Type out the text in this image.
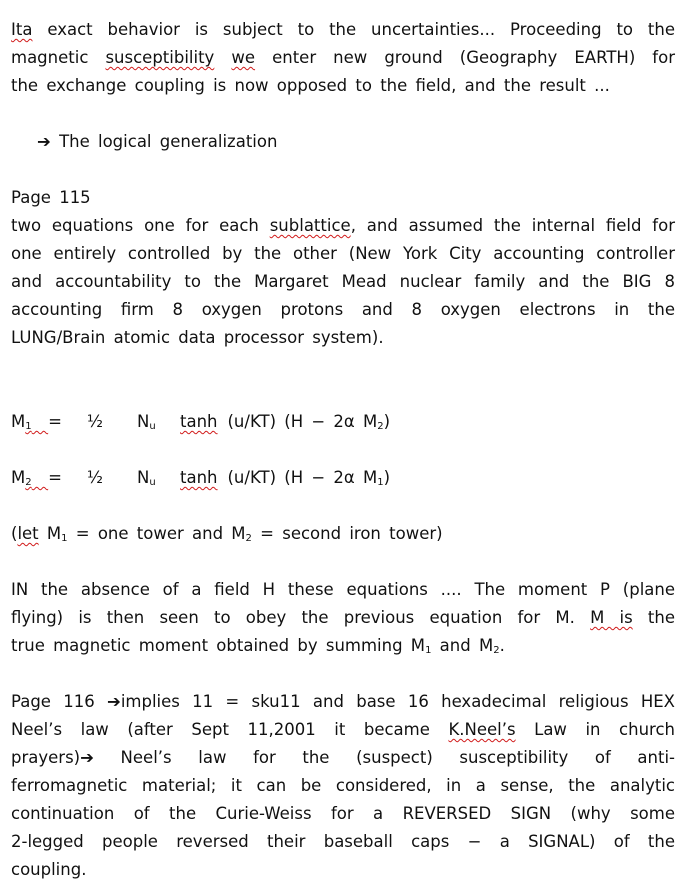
Ita exact behavior is subject to the uncertainties... Proceeding to the
magnetic susceptibility we enter new ground (Geography EARTH) for
the exchange coupling is now opposed to the field, and the result ...
➔ The logical generalization
Page 115
two equations one for each sublattice, and assumed the internal field for
one entirely controlled by the other (New York City accounting controller
and accountability to the Margaret Mead nuclear family and the BIG 8
accounting firm 8 oxygen protons and 8 oxygen electrons in the
LUNG/Brain atomic data processor system).
$M_1$ = ½ $N_u$ tanh (u/KT) (H − 2α $M_2$)
$M_2$ = ½ $N_u$ tanh (u/KT) (H − 2α $M_1$)
(let $M_1$ = one tower and $M_2$ = second iron tower)
IN the absence of a field H these equations .... The moment P (plane
flying) is then seen to obey the previous equation for M. M is the
true magnetic moment obtained by summing $M_1$ and $M_2$.
Page 116 ➔implies 11 = sku11 and base 16 hexadecimal religious HEX
Neel’s law (after Sept 11,2001 it became K.Neel’s Law in church
prayers)➔ Neel’s law for the (suspect) susceptibility of anti-
ferromagnetic material; it can be considered, in a sense, the analytic
continuation of the Curie-Weiss for a REVERSED SIGN (why some
2-legged people reversed their baseball caps − a SIGNAL) of the
coupling.
